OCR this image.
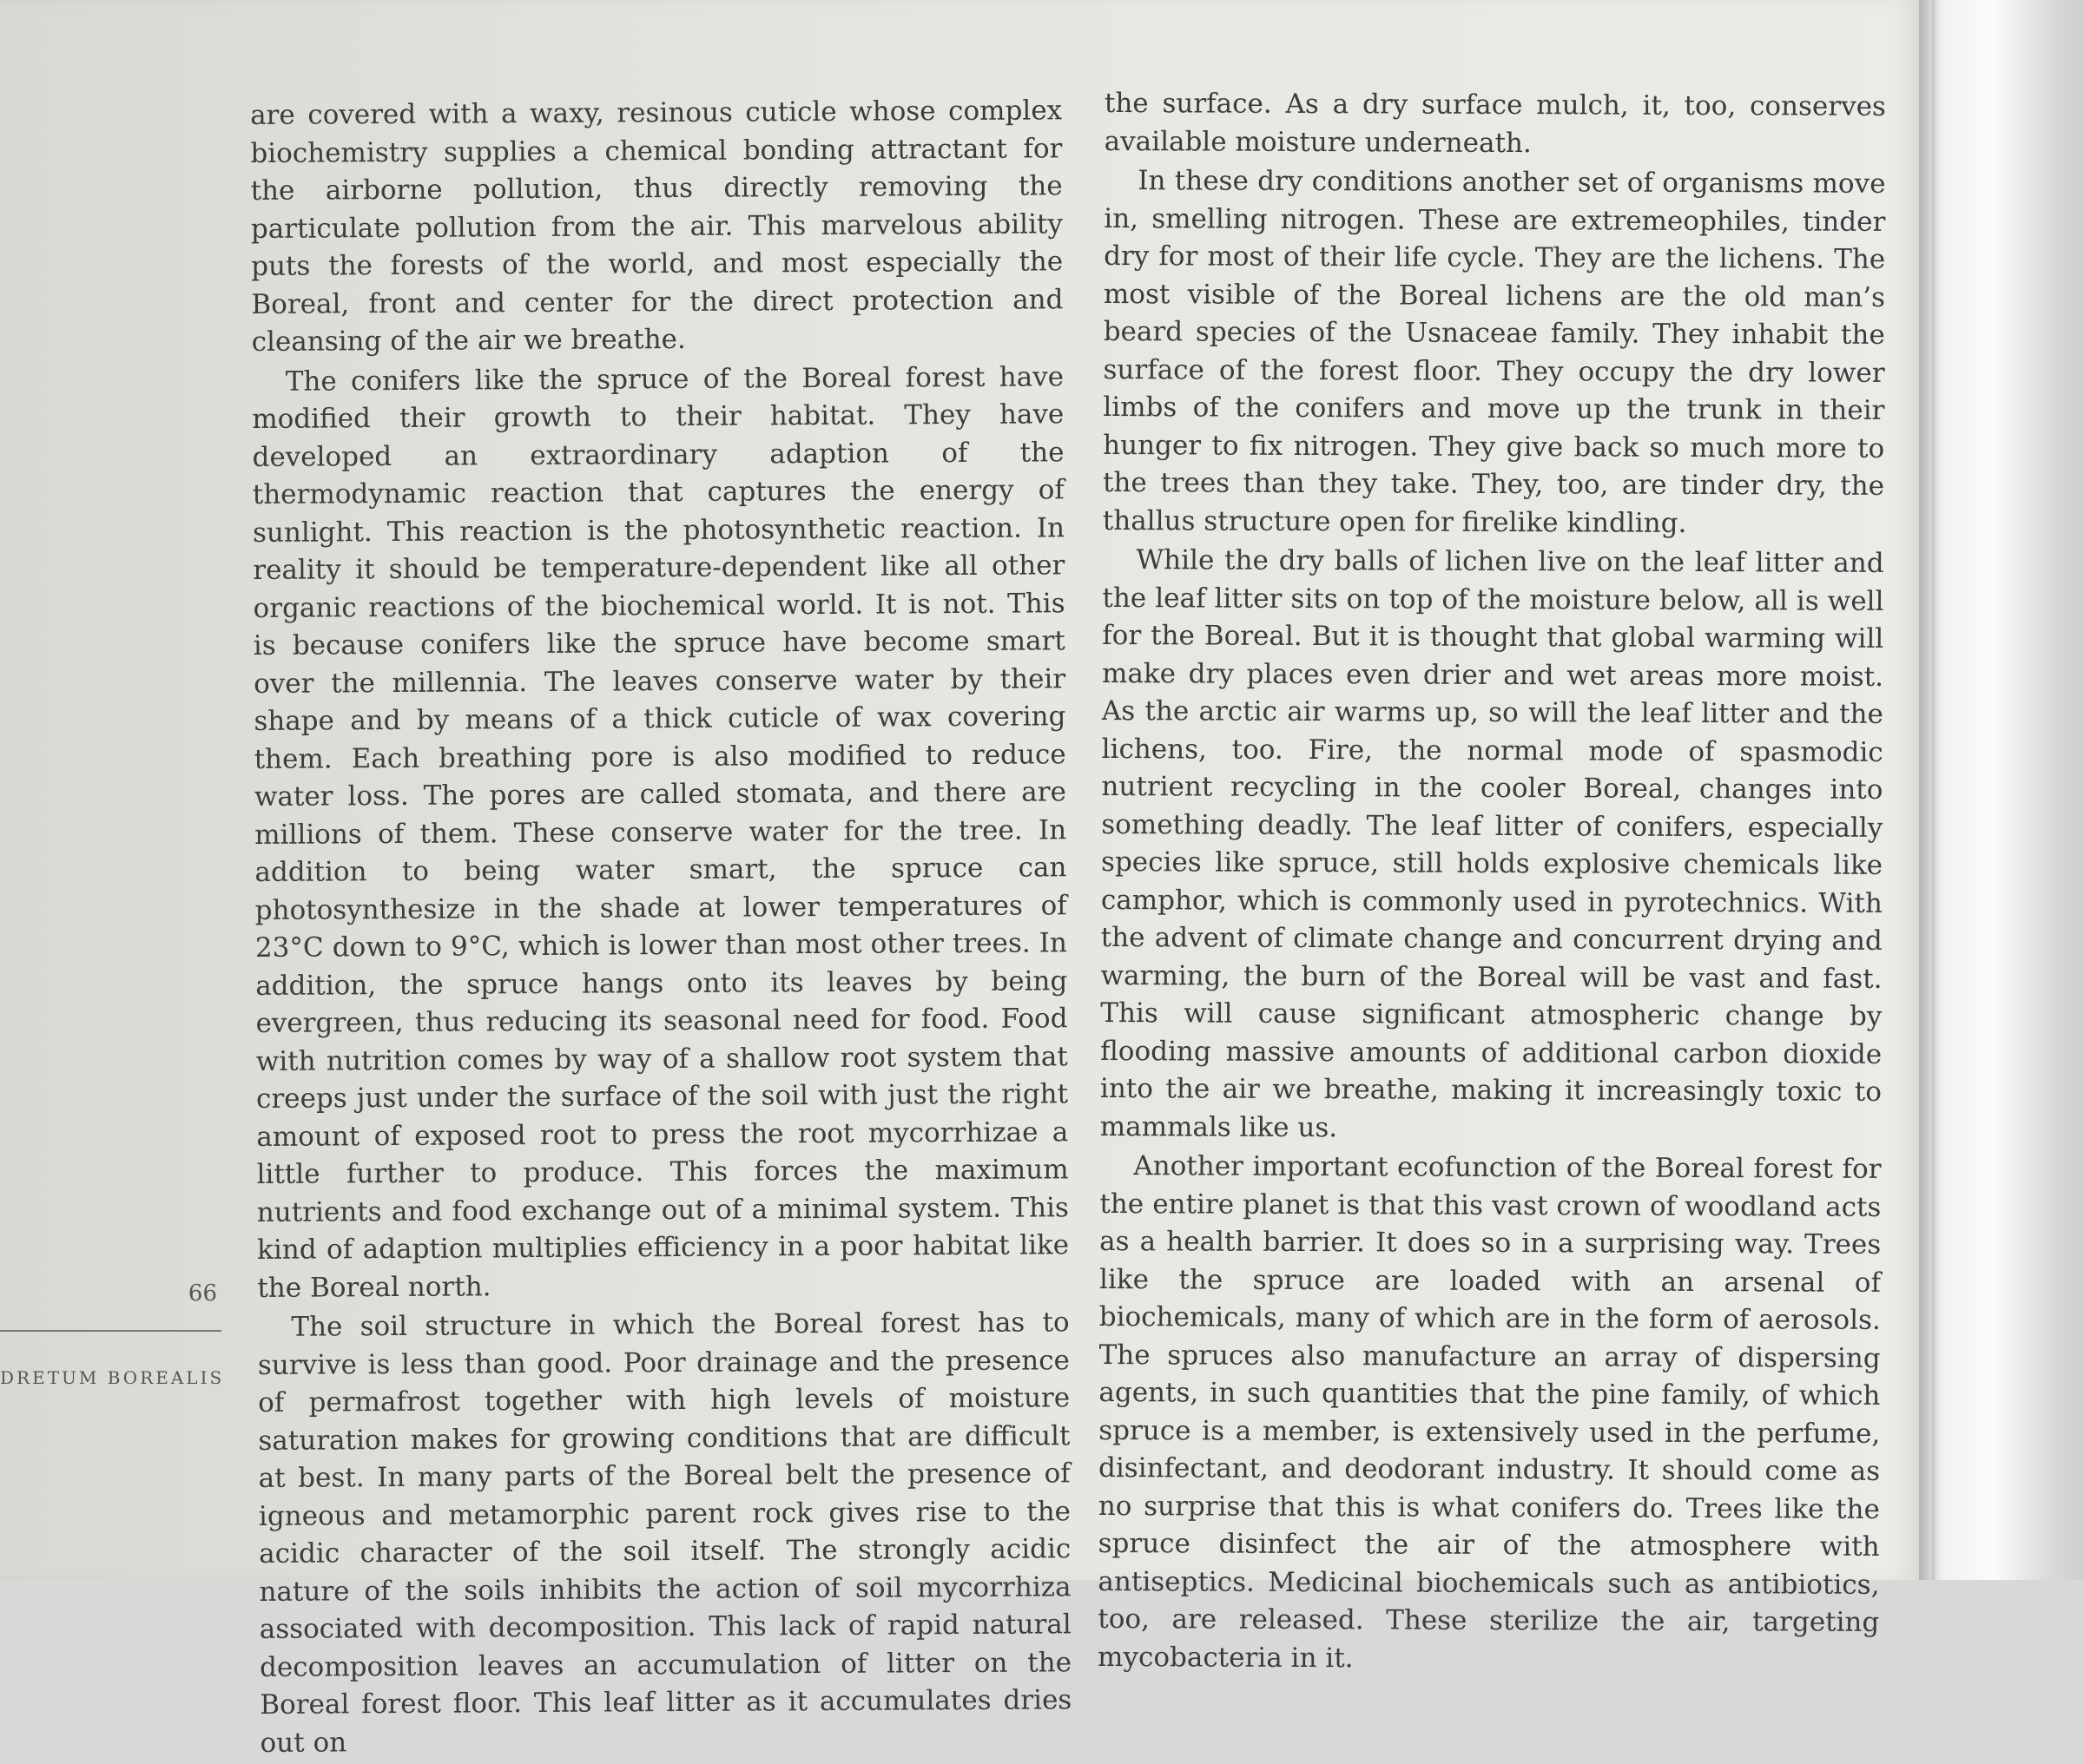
are covered with a waxy, resinous cuticle whose complex biochemistry supplies a chemical bonding attractant for the airborne pollution, thus directly removing the particulate pollution from the air. This marvelous ability puts the forests of the world, and most especially the Boreal, front and center for the direct protection and cleansing of the air we breathe.

The conifers like the spruce of the Boreal forest have modified their growth to their habitat. They have developed an extraordinary adaption of the thermodynamic reaction that captures the energy of sunlight. This reaction is the photosynthetic reaction. In reality it should be temperature-dependent like all other organic reactions of the biochemical world. It is not. This is because conifers like the spruce have become smart over the millennia. The leaves conserve water by their shape and by means of a thick cuticle of wax covering them. Each breathing pore is also modified to reduce water loss. The pores are called stomata, and there are millions of them. These conserve water for the tree. In addition to being water smart, the spruce can photosynthesize in the shade at lower temperatures of 23°C down to 9°C, which is lower than most other trees. In addition, the spruce hangs onto its leaves by being evergreen, thus reducing its seasonal need for food. Food with nutrition comes by way of a shallow root system that creeps just under the surface of the soil with just the right amount of exposed root to press the root mycorrhizae a little further to produce. This forces the maximum nutrients and food exchange out of a minimal system. This kind of adaption multiplies efficiency in a poor habitat like the Boreal north.

The soil structure in which the Boreal forest has to survive is less than good. Poor drainage and the presence of permafrost together with high levels of moisture saturation makes for growing conditions that are difficult at best. In many parts of the Boreal belt the presence of igneous and metamorphic parent rock gives rise to the acidic character of the soil itself. The strongly acidic nature of the soils inhibits the action of soil mycorrhiza associated with decomposition. This lack of rapid natural decomposition leaves an accumulation of litter on the Boreal forest floor. This leaf litter as it accumulates dries out on

the surface. As a dry surface mulch, it, too, conserves available moisture underneath.

In these dry conditions another set of organisms move in, smelling nitrogen. These are extremeophiles, tinder dry for most of their life cycle. They are the lichens. The most visible of the Boreal lichens are the old man’s beard species of the Usnaceae family. They inhabit the surface of the forest floor. They occupy the dry lower limbs of the conifers and move up the trunk in their hunger to fix nitrogen. They give back so much more to the trees than they take. They, too, are tinder dry, the thallus structure open for firelike kindling.

While the dry balls of lichen live on the leaf litter and the leaf litter sits on top of the moisture below, all is well for the Boreal. But it is thought that global warming will make dry places even drier and wet areas more moist. As the arctic air warms up, so will the leaf litter and the lichens, too. Fire, the normal mode of spasmodic nutrient recycling in the cooler Boreal, changes into something deadly. The leaf litter of conifers, especially species like spruce, still holds explosive chemicals like camphor, which is commonly used in pyrotechnics. With the advent of climate change and concurrent drying and warming, the burn of the Boreal will be vast and fast. This will cause significant atmospheric change by flooding massive amounts of additional carbon dioxide into the air we breathe, making it increasingly toxic to mammals like us.

Another important ecofunction of the Boreal forest for the entire planet is that this vast crown of woodland acts as a health barrier. It does so in a surprising way. Trees like the spruce are loaded with an arsenal of biochemicals, many of which are in the form of aerosols. The spruces also manufacture an array of dispersing agents, in such quantities that the pine family, of which spruce is a member, is extensively used in the perfume, disinfectant, and deodorant industry. It should come as no surprise that this is what conifers do. Trees like the spruce disinfect the air of the atmosphere with antiseptics. Medicinal biochemicals such as antibiotics, too, are released. These sterilize the air, targeting mycobacteria in it.

66
DRETUM BOREALIS
